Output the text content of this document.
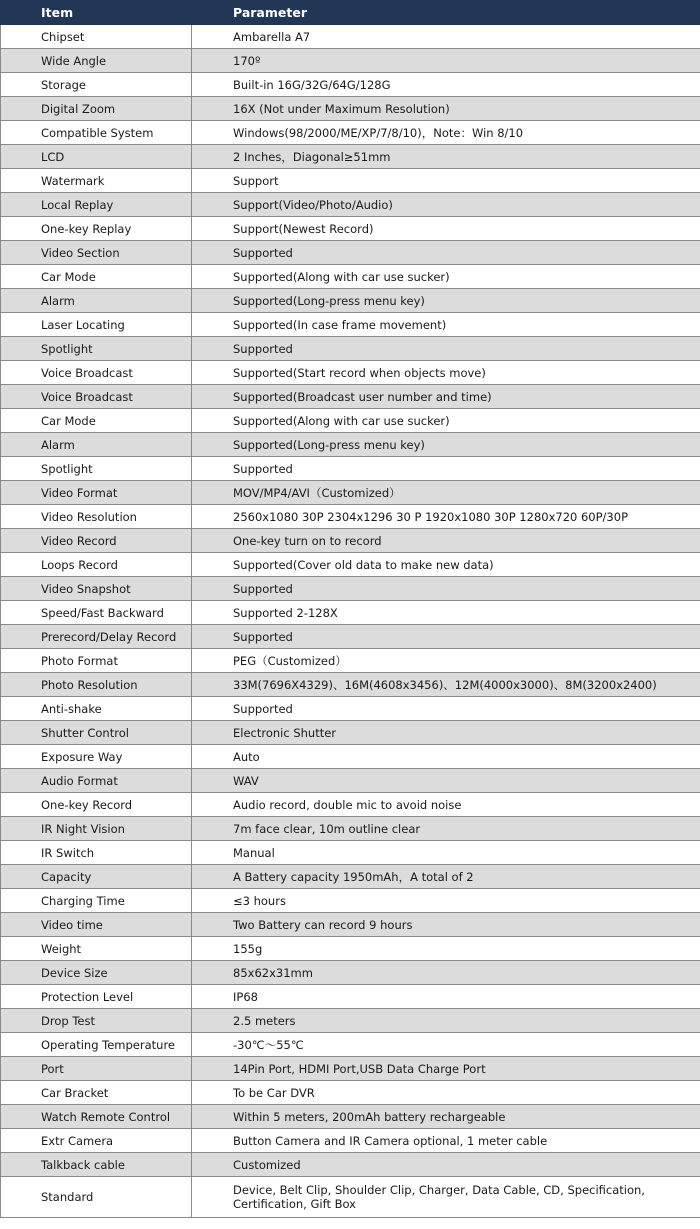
Item	Parameter
Chipset	Ambarella A7
Wide Angle	170º
Storage	Built-in 16G/32G/64G/128G
Digital Zoom	16X (Not under Maximum Resolution)
Compatible System	Windows(98/2000/ME/XP/7/8/10)，Note：Win 8/10
LCD	2 Inches，Diagonal≥51mm
Watermark	Support
Local Replay	Support(Video/Photo/Audio)
One-key Replay	Support(Newest Record)
Video Section	Supported
Car Mode	Supported(Along with car use sucker)
Alarm	Supported(Long-press menu key)
Laser Locating	Supported(In case frame movement)
Spotlight	Supported
Voice Broadcast	Supported(Start record when objects move)
Voice Broadcast	Supported(Broadcast user number and time)
Car Mode	Supported(Along with car use sucker)
Alarm	Supported(Long-press menu key)
Spotlight	Supported
Video Format	MOV/MP4/AVI（Customized）
Video Resolution	2560x1080 30P 2304x1296 30 P 1920x1080 30P 1280x720 60P/30P
Video Record	One-key turn on to record
Loops Record	Supported(Cover old data to make new data)
Video Snapshot	Supported
Speed/Fast Backward	Supported 2-128X
Prerecord/Delay Record	Supported
Photo Format	PEG（Customized）
Photo Resolution	33M(7696X4329)、16M(4608x3456)、12M(4000x3000)、8M(3200x2400)
Anti-shake	Supported
Shutter Control	Electronic Shutter
Exposure Way	Auto
Audio Format	WAV
One-key Record	Audio record, double mic to avoid noise
IR Night Vision	7m face clear, 10m outline clear
IR Switch	Manual
Capacity	A Battery capacity 1950mAh，A total of 2
Charging Time	≤3 hours
Video time	Two Battery can record 9 hours
Weight	155g
Device Size	85x62x31mm
Protection Level	IP68
Drop Test	2.5 meters
Operating Temperature	-30℃～55℃
Port	14Pin Port, HDMI Port,USB Data Charge Port
Car Bracket	To be Car DVR
Watch Remote Control	Within 5 meters, 200mAh battery rechargeable
Extr Camera	Button Camera and IR Camera optional, 1 meter cable
Talkback cable	Customized
Standard	Device, Belt Clip, Shoulder Clip, Charger, Data Cable, CD, Specification, Certification, Gift Box
